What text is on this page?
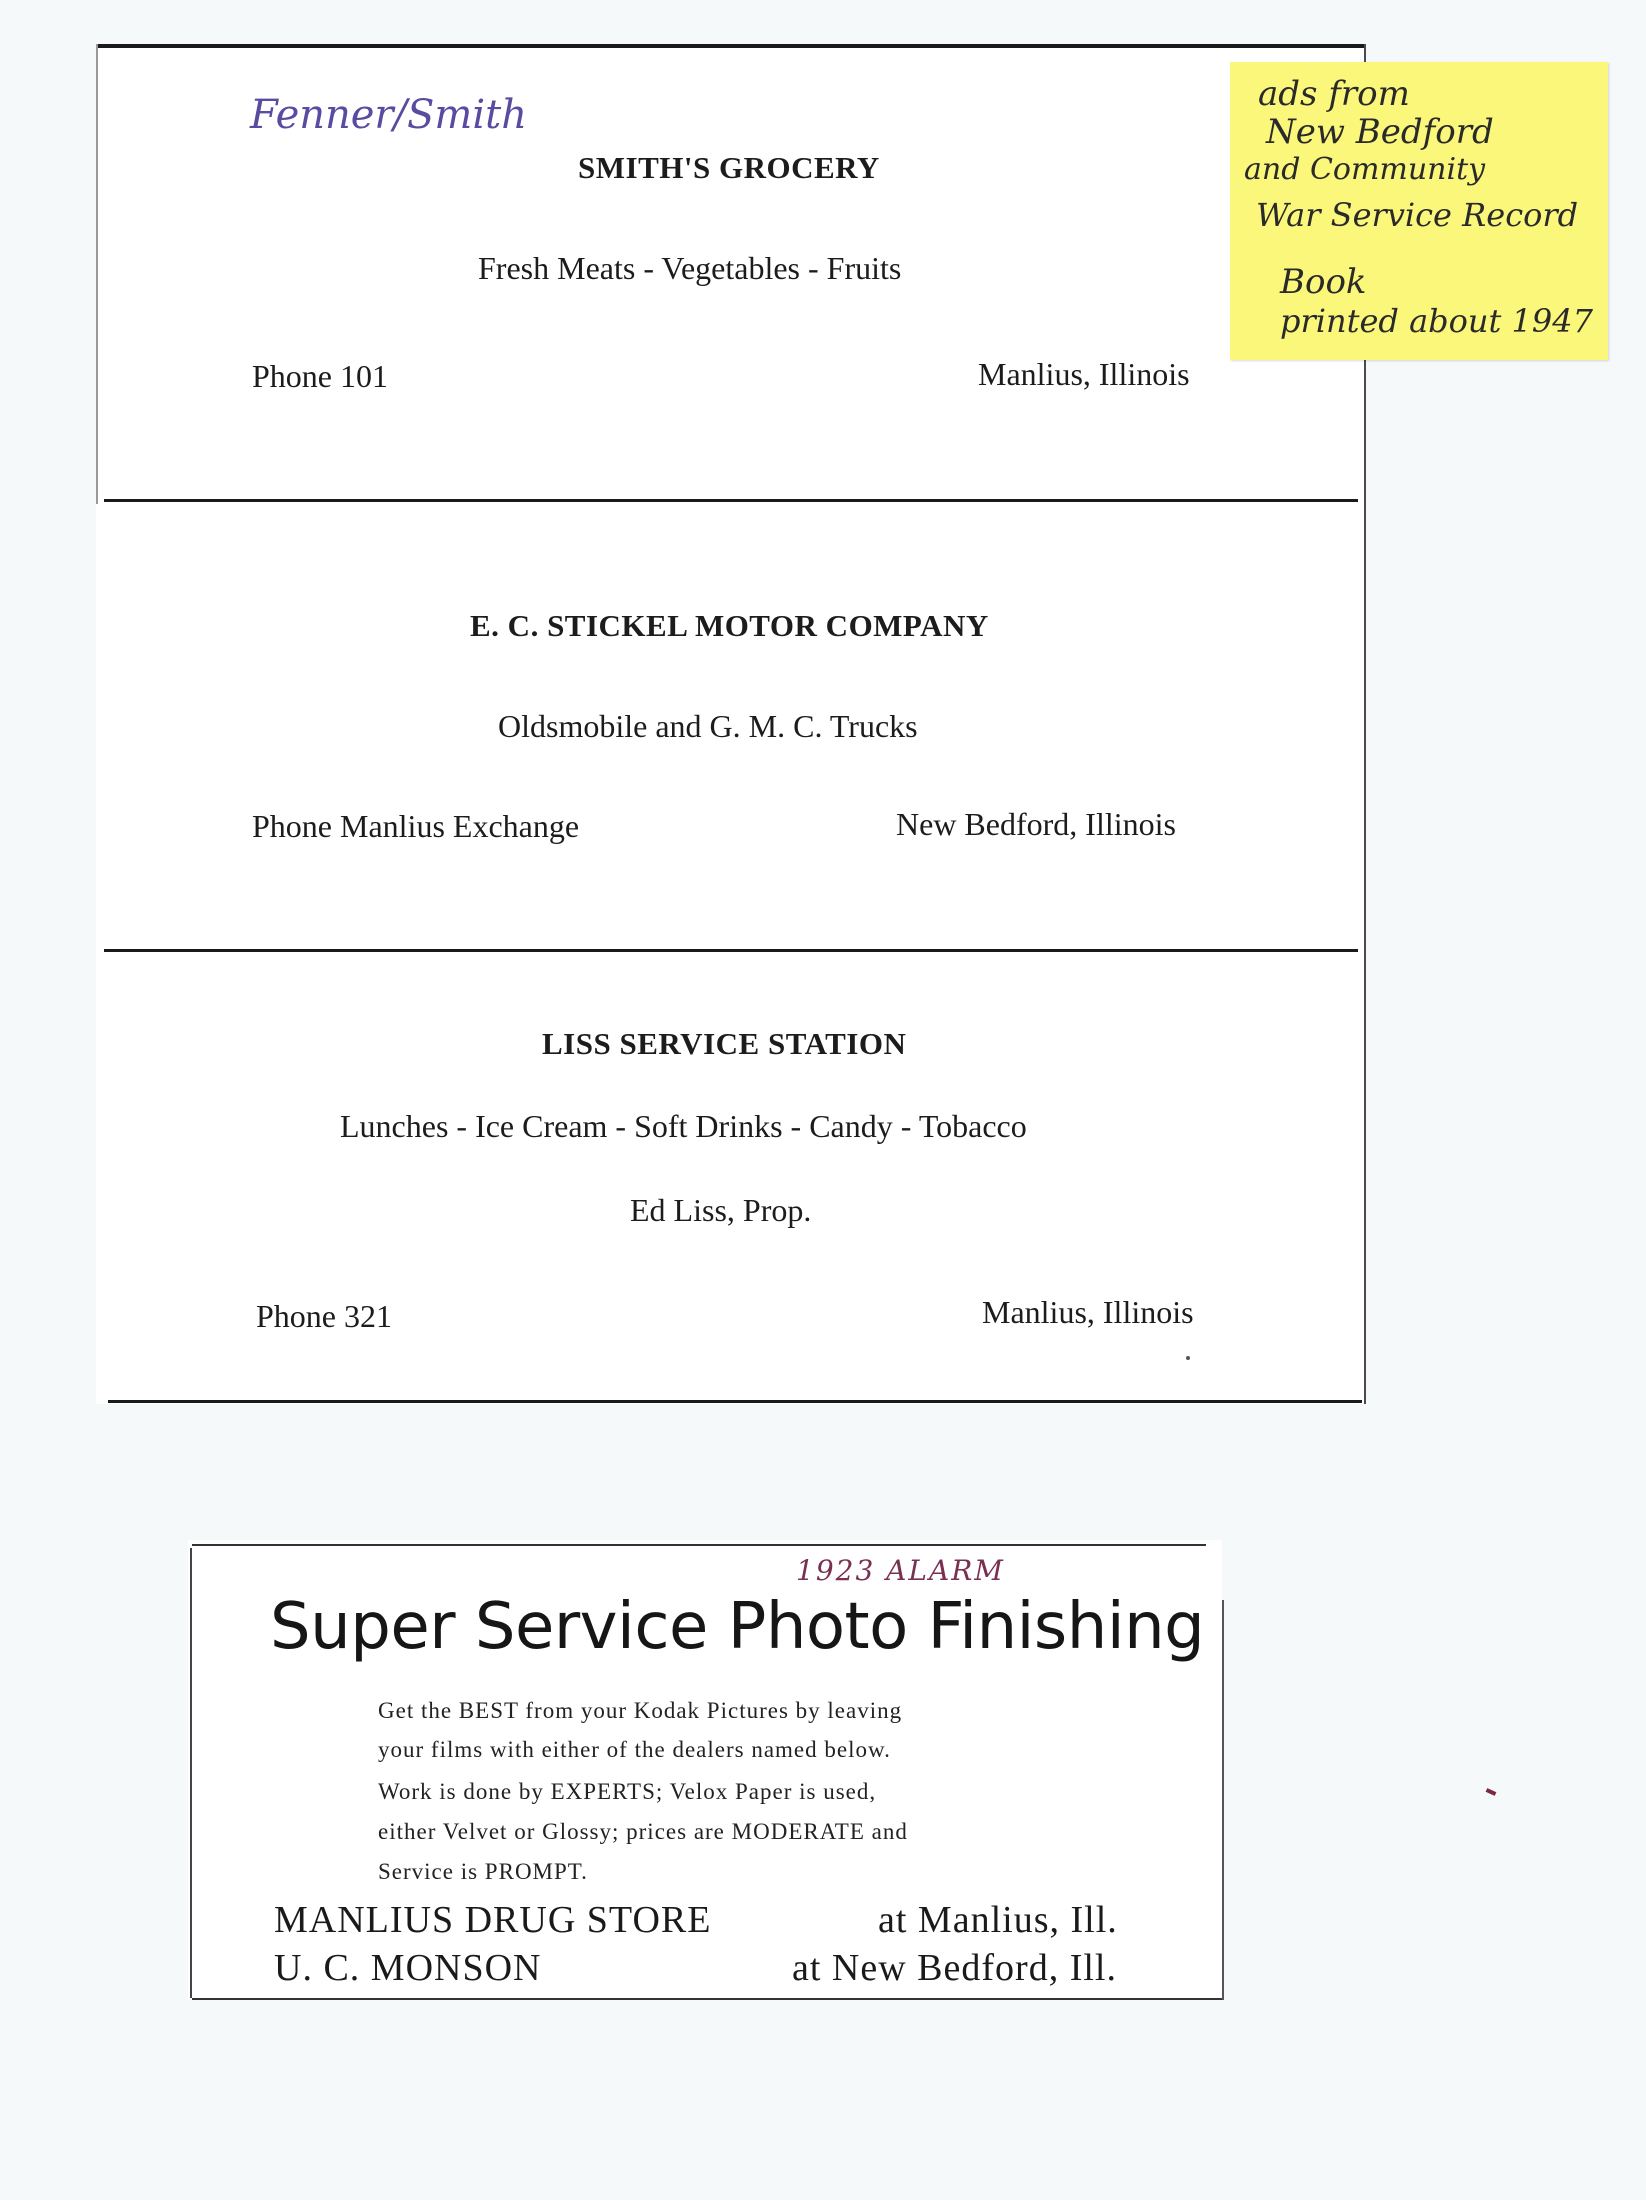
Fenner/Smith
SMITH'S GROCERY
Fresh Meats - Vegetables - Fruits
Phone 101	Manlius, Illinois
E. C. STICKEL MOTOR COMPANY
Oldsmobile and G. M. C. Trucks
Phone Manlius Exchange	New Bedford, Illinois
LISS SERVICE STATION
Lunches - Ice Cream - Soft Drinks - Candy - Tobacco
Ed Liss, Prop.
Phone 321	Manlius, Illinois
ads from
New Bedford
and Community
War Service Record
Book
printed about 1947
1923 ALARM
Super Service Photo Finishing
Get the BEST from your Kodak Pictures by leaving
your films with either of the dealers named below.
Work is done by EXPERTS; Velox Paper is used,
either Velvet or Glossy; prices are MODERATE and
Service is PROMPT.
MANLIUS DRUG STORE	at Manlius, Ill.
U. C. MONSON	at New Bedford, Ill.
